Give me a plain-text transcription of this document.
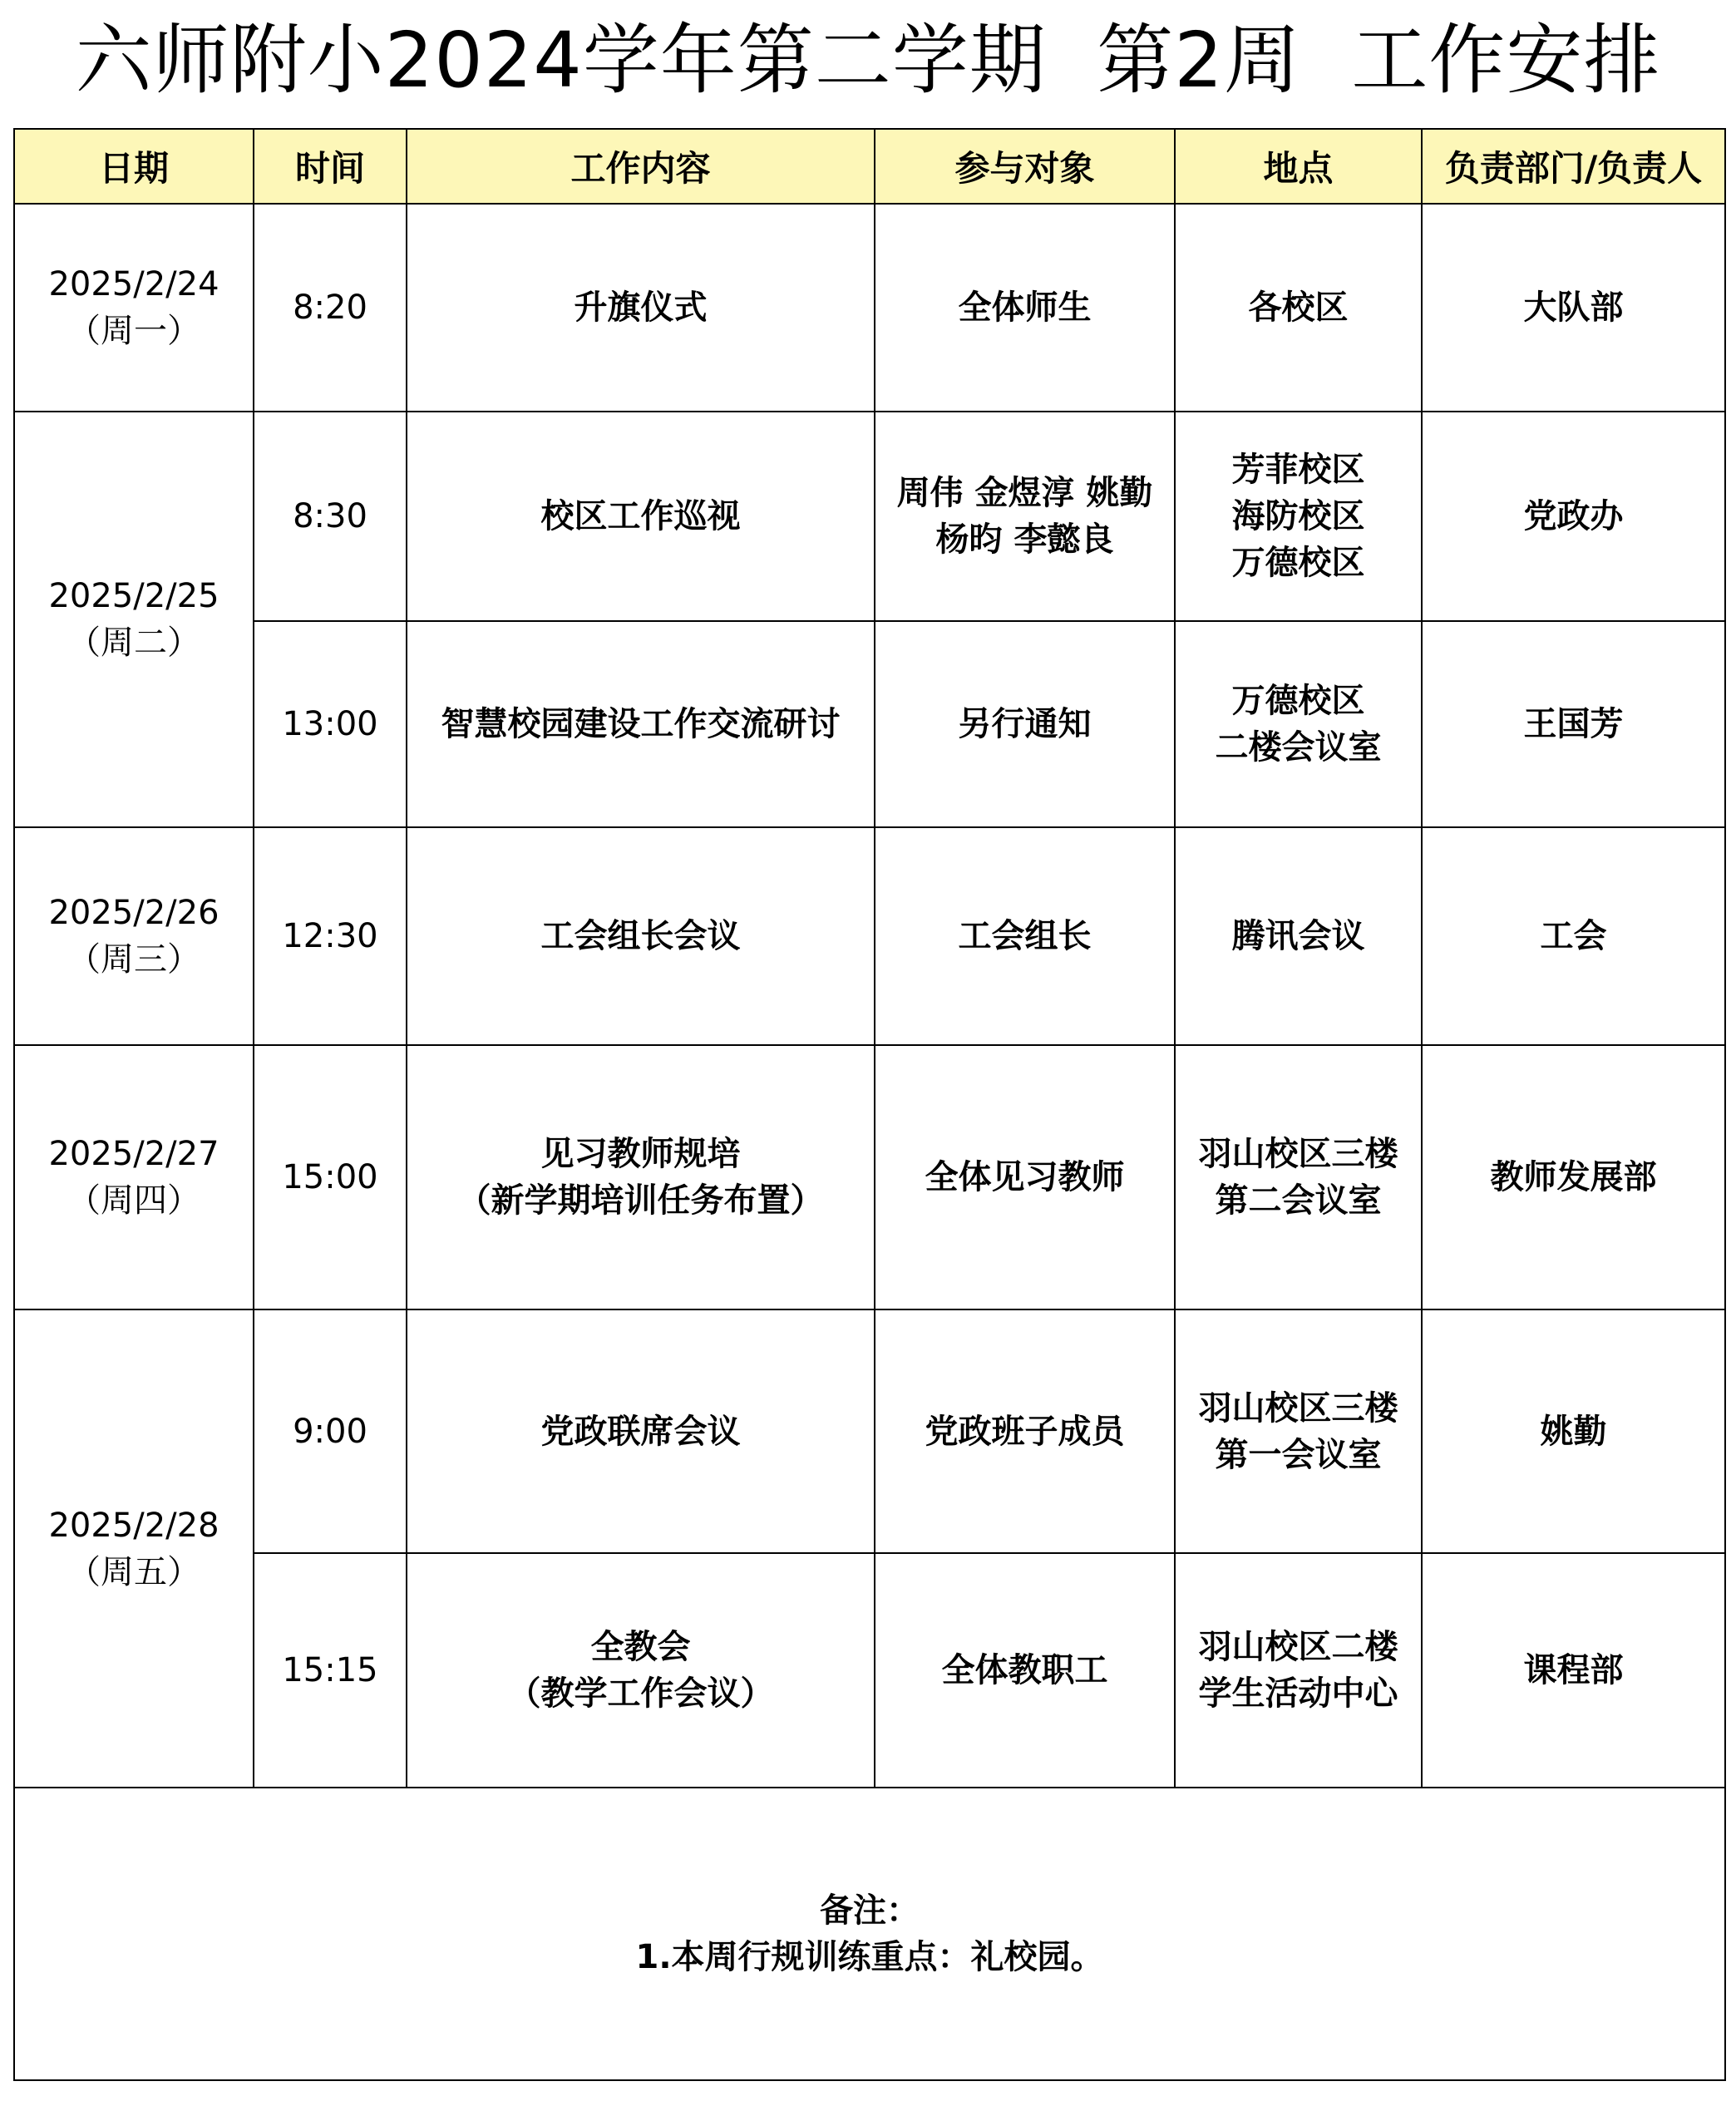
六师附小2024学年第二学期  第2周  工作安排
日期	时间	工作内容	参与对象	地点	负责部门/负责人

2025/2/24
（周一）	8:20	升旗仪式	全体师生	各校区	大队部

2025/2/25
（周二）	8:30	校区工作巡视	周伟 金煜淳 姚勤
杨昀 李懿良	芳菲校区
海防校区
万德校区	党政办
	13:00	智慧校园建设工作交流研讨	另行通知	万德校区
二楼会议室	王国芳

2025/2/26
（周三）	12:30	工会组长会议	工会组长	腾讯会议	工会

2025/2/27
（周四）	15:00	见习教师规培
（新学期培训任务布置）	全体见习教师	羽山校区三楼
第二会议室	教师发展部

2025/2/28
（周五）	9:00	党政联席会议	党政班子成员	羽山校区三楼
第一会议室	姚勤
	15:15	全教会
（教学工作会议）	全体教职工	羽山校区二楼
学生活动中心	课程部

备注：
1.本周行规训练重点：礼校园。					
